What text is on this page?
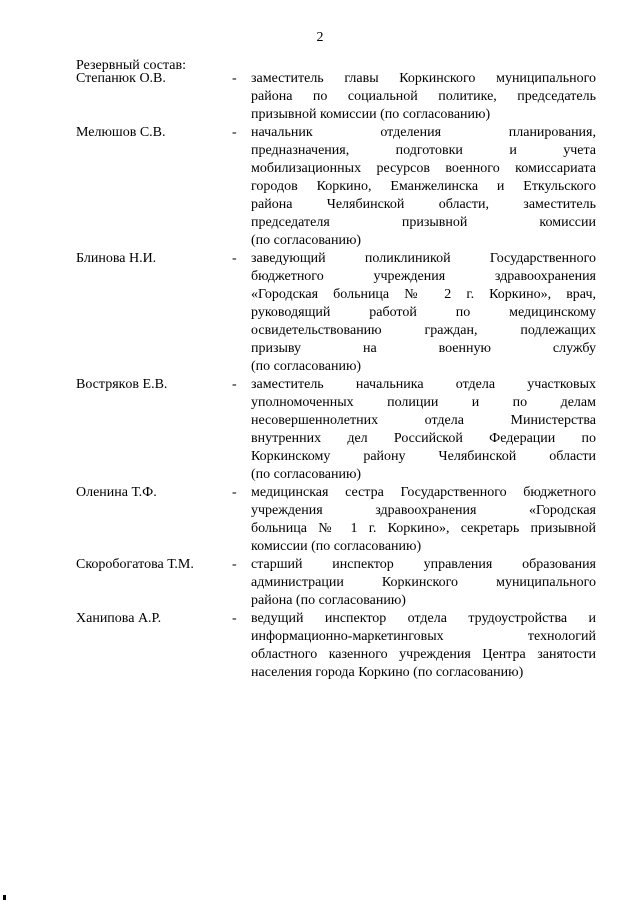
2
Резервный состав:
Степанюк О.В.	- заместитель главы Коркинского муниципального
района по социальной политике, председатель
призывной комиссии (по согласованию)
Мелюшов С.В.	- начальник отделения планирования,
предназначения, подготовки и учета
мобилизационных ресурсов военного комиссариата
городов Коркино, Еманжелинска и Еткульского
района Челябинской области, заместитель
председателя призывной комиссии
(по согласованию)
Блинова Н.И.	- заведующий поликлиникой Государственного
бюджетного учреждения здравоохранения
«Городская больница № 2 г. Коркино», врач,
руководящий работой по медицинскому
освидетельствованию граждан, подлежащих
призыву на военную службу
(по согласованию)
Вострякoв Е.В.	- заместитель начальника отдела участковых
уполномоченных полиции и по делам
несовершеннолетних отдела Министерства
внутренних дел Российской Федерации по
Коркинскому району Челябинской области
(по согласованию)
Оленина Т.Ф.	- медицинская сестра Государственного бюджетного
учреждения здравоохранения «Городская
больница № 1 г. Коркино», секретарь призывной
комиссии (по согласованию)
Скоробогатова Т.М.	- старший инспектор управления образования
администрации Коркинского муниципального
района (по согласованию)
Ханипова А.Р.	- ведущий инспектор отдела трудоустройства и
информационно-маркетинговых технологий
областного казенного учреждения Центра занятости
населения города Коркино (по согласованию)
